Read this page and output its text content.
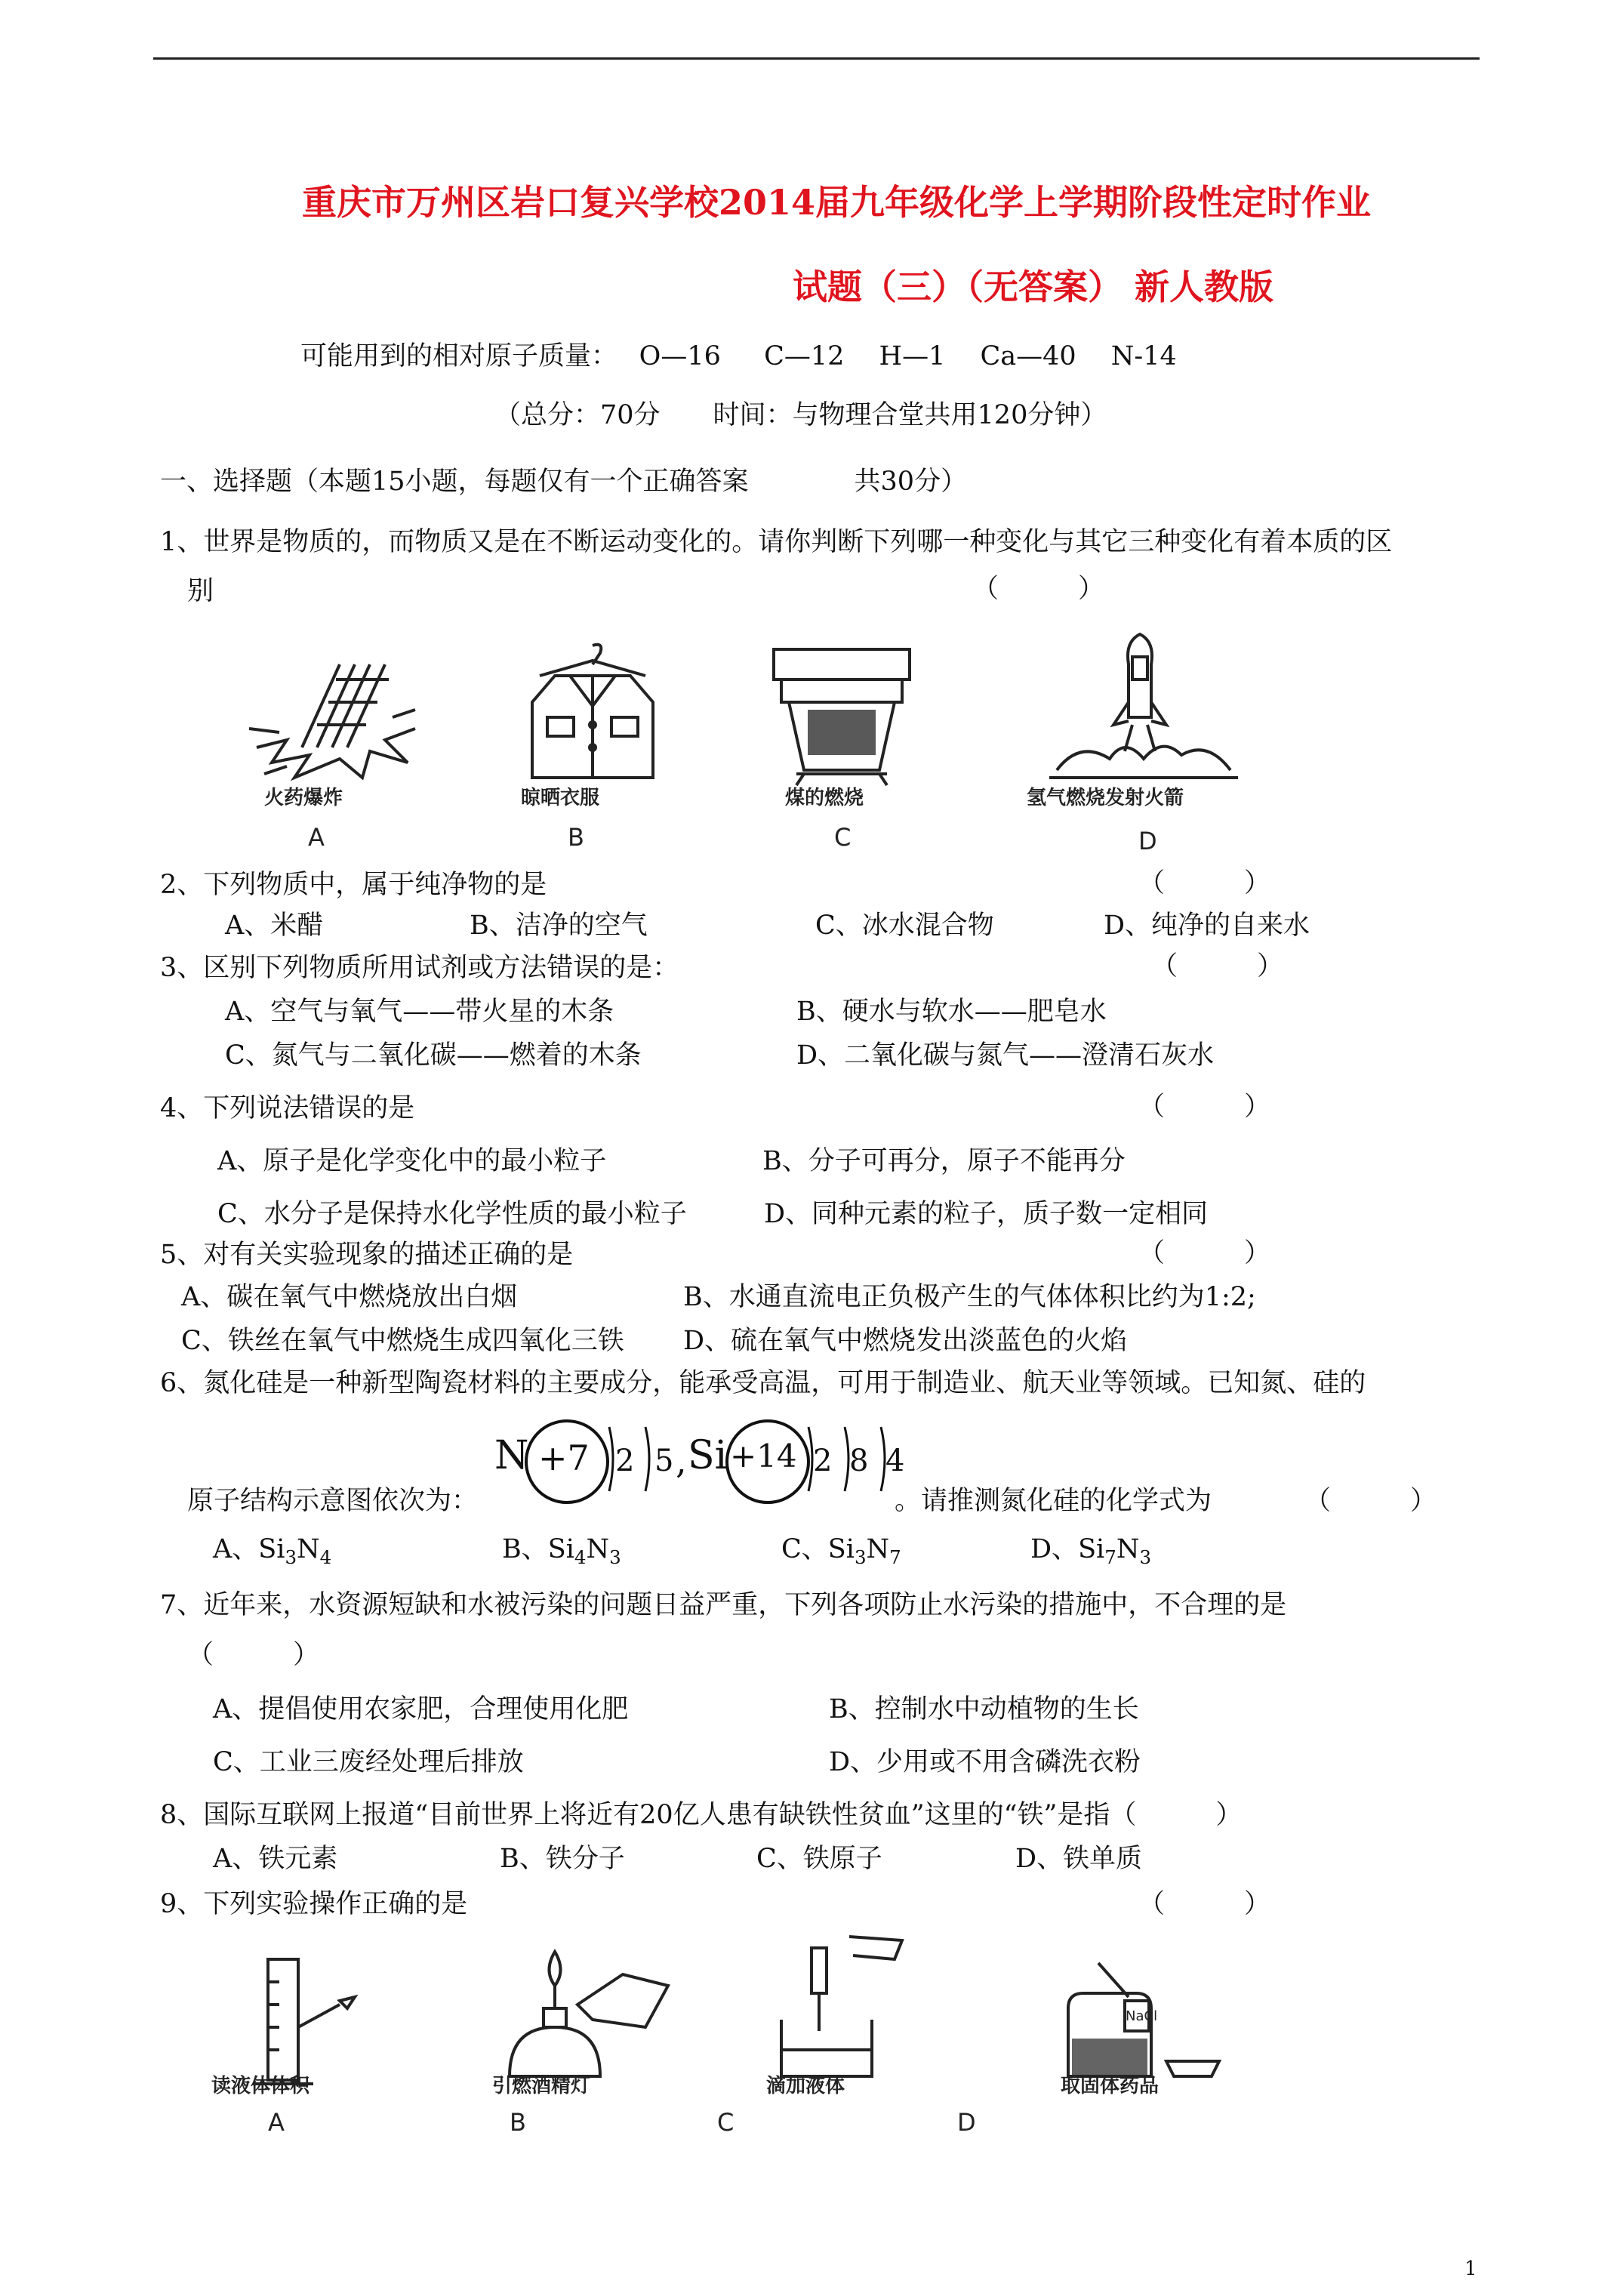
重庆市万州区岩口复兴学校2014届九年级化学上学期阶段性定时作业
试题（三）（无答案） 新人教版
可能用到的相对原子质量：　 O—16 　 C—12　 H—1　 Ca—40 　N-14
（总分：70分　　时间：与物理合堂共用120分钟）
一、选择题（本题15小题，每题仅有一个正确答案　　　　共30分）
1、世界是物质的，而物质又是在不断运动变化的。请你判断下列哪一种变化与其它三种变化有着本质的区
别	（　　　）
火药爆炸	晾晒衣服	煤的燃烧	氢气燃烧发射火箭
A	B	C	D
2、下列物质中，属于纯净物的是	（　　　）
A、米醋	B、洁净的空气	C、冰水混合物	D、纯净的自来水
3、区别下列物质所用试剂或方法错误的是：	（　　　）
A、空气与氧气——带火星的木条	B、硬水与软水——肥皂水
C、氮气与二氧化碳——燃着的木条	D、二氧化碳与氮气——澄清石灰水
4、下列说法错误的是	（　　　）
A、原子是化学变化中的最小粒子	B、分子可再分，原子不能再分
C、水分子是保持水化学性质的最小粒子	D、同种元素的粒子，质子数一定相同
5、对有关实验现象的描述正确的是	（　　　）
A、碳在氧气中燃烧放出白烟	B、水通直流电正负极产生的气体体积比约为1:2;
C、铁丝在氧气中燃烧生成四氧化三铁 D、硫在氧气中燃烧发出淡蓝色的火焰
6、氮化硅是一种新型陶瓷材料的主要成分，能承受高温，可用于制造业、航天业等领域。已知氮、硅的
N +7 2 5 , Si +14 2 8 4
原子结构示意图依次为：	。请推测氮化硅的化学式为	（　　　）
A、$Si_3N_4$	B、$Si_4N_3$	C、$Si_3N_7$	D、$Si_7N_3$
7、近年来，水资源短缺和水被污染的问题日益严重，下列各项防止水污染的措施中，不合理的是
（　　　）
A、提倡使用农家肥，合理使用化肥	B、控制水中动植物的生长
C、工业三废经处理后排放	D、少用或不用含磷洗衣粉
8、国际互联网上报道“目前世界上将近有20亿人患有缺铁性贫血”这里的“铁”是指（　　　）
A、铁元素	B、铁分子	C、铁原子	D、铁单质
9、下列实验操作正确的是	（　　　）
NaCl
读液体体积	引燃酒精灯	滴加液体	取固体药品
A	B	C	D
1
